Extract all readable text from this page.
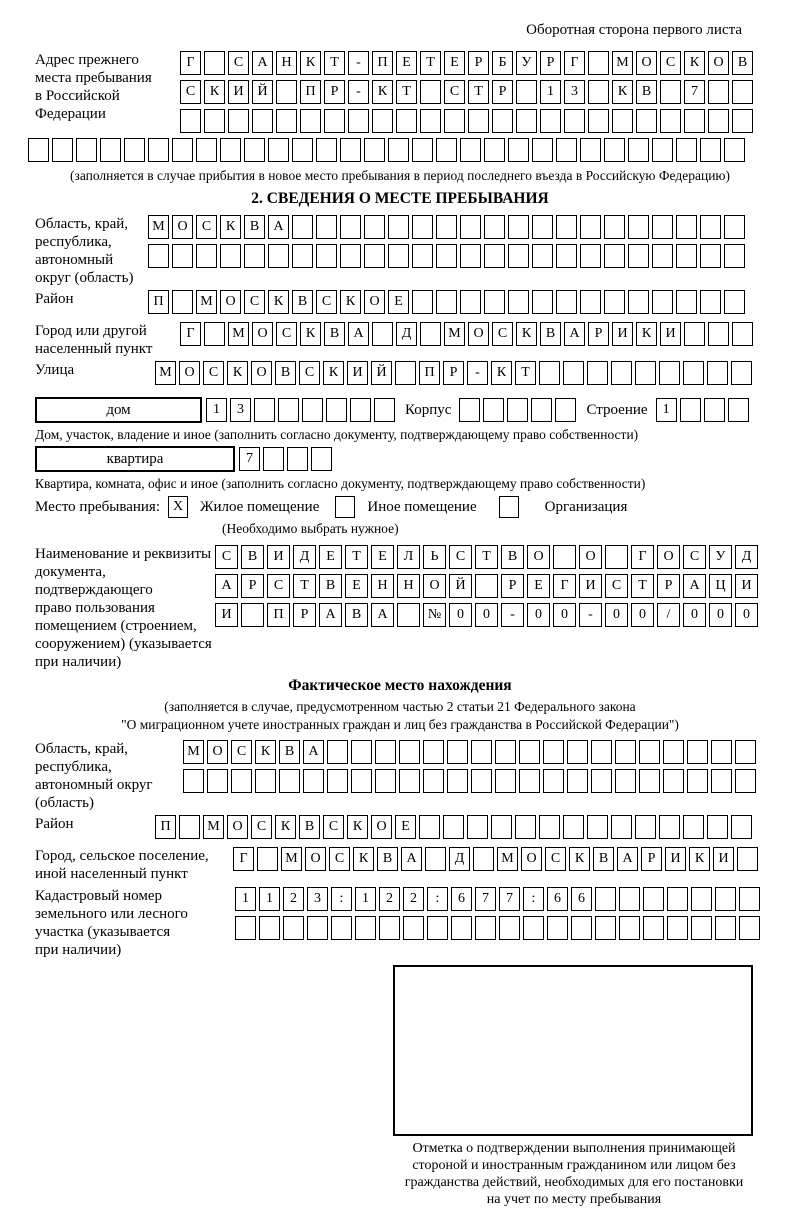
Оборотная сторона первого листа
Адрес прежнего
места пребывания
в Российской
Федерации
Г	С	А Н	К	Т	-	П	Е	Т	Е	Р	Б	У	Р	Г	М О	С	К	О	В
С	К	И Й	П	Р	-	К	Т	С	Т	Р	1	3	К	В	7
(заполняется в случае прибытия в новое место пребывания в период последнего въезда в Российскую Федерацию)
2. СВЕДЕНИЯ О МЕСТЕ ПРЕБЫВАНИЯ
Область, край,
республика,
автономный
округ (область)
М О	С	К	В	А
Район	П	М О	С	К	В	С	К	О	Е
Город или другой
населенный пункт
Г	М О	С	К	В	А	Д	М О	С	К	В	А	Р	И	К	И
Улица	М О	С	К	О	В	С	К	И Й	П	Р	-	К	Т
дом	1	3	Корпус	Строение	1
Дом, участок, владение и иное (заполнить согласно документу, подтверждающему право собственности)
квартира	7
Квартира, комната, офис и иное (заполнить согласно документу, подтверждающему право собственности)
Место пребывания: X	Жилое помещение	Иное помещение	Организация
(Необходимо выбрать нужное)
Наименование и реквизиты
документа, подтверждающего
право пользования
помещением (строением,
сооружением) (указывается
при наличии)
С	В	И	Д	Е	Т	Е	Л	Ь	С	Т	В	О	О	Г	О	С	У	Д
А	Р	С	Т	В	Е	Н	Н	О	Й	Р	Е	Г	И	С	Т	Р	А	Ц	И
И	П	Р	А	В	А	№	0	0	-	0	0	-	0	0	/	0	0	0
Фактическое место нахождения
(заполняется в случае, предусмотренном частью 2 статьи 21 Федерального закона
"О миграционном учете иностранных граждан и лиц без гражданства в Российской Федерации")
Область, край,
республика,
автономный округ
(область)
М О	С	К	В	А
Район	П	М О	С	К	В	С	К	О	Е
Город, сельское поселение,
иной населенный пункт
Г	М О	С	К	В	А	Д	М О	С	К	В	А	Р	И	К	И
Кадастровый номер
земельного или лесного
участка (указывается
при наличии)
1	1	2	3	:	1	2	2	:	6	7	7	:	6	6
Отметка о подтверждении выполнения принимающей
стороной и иностранным гражданином или лицом без
гражданства действий, необходимых для его постановки
на учет по месту пребывания
